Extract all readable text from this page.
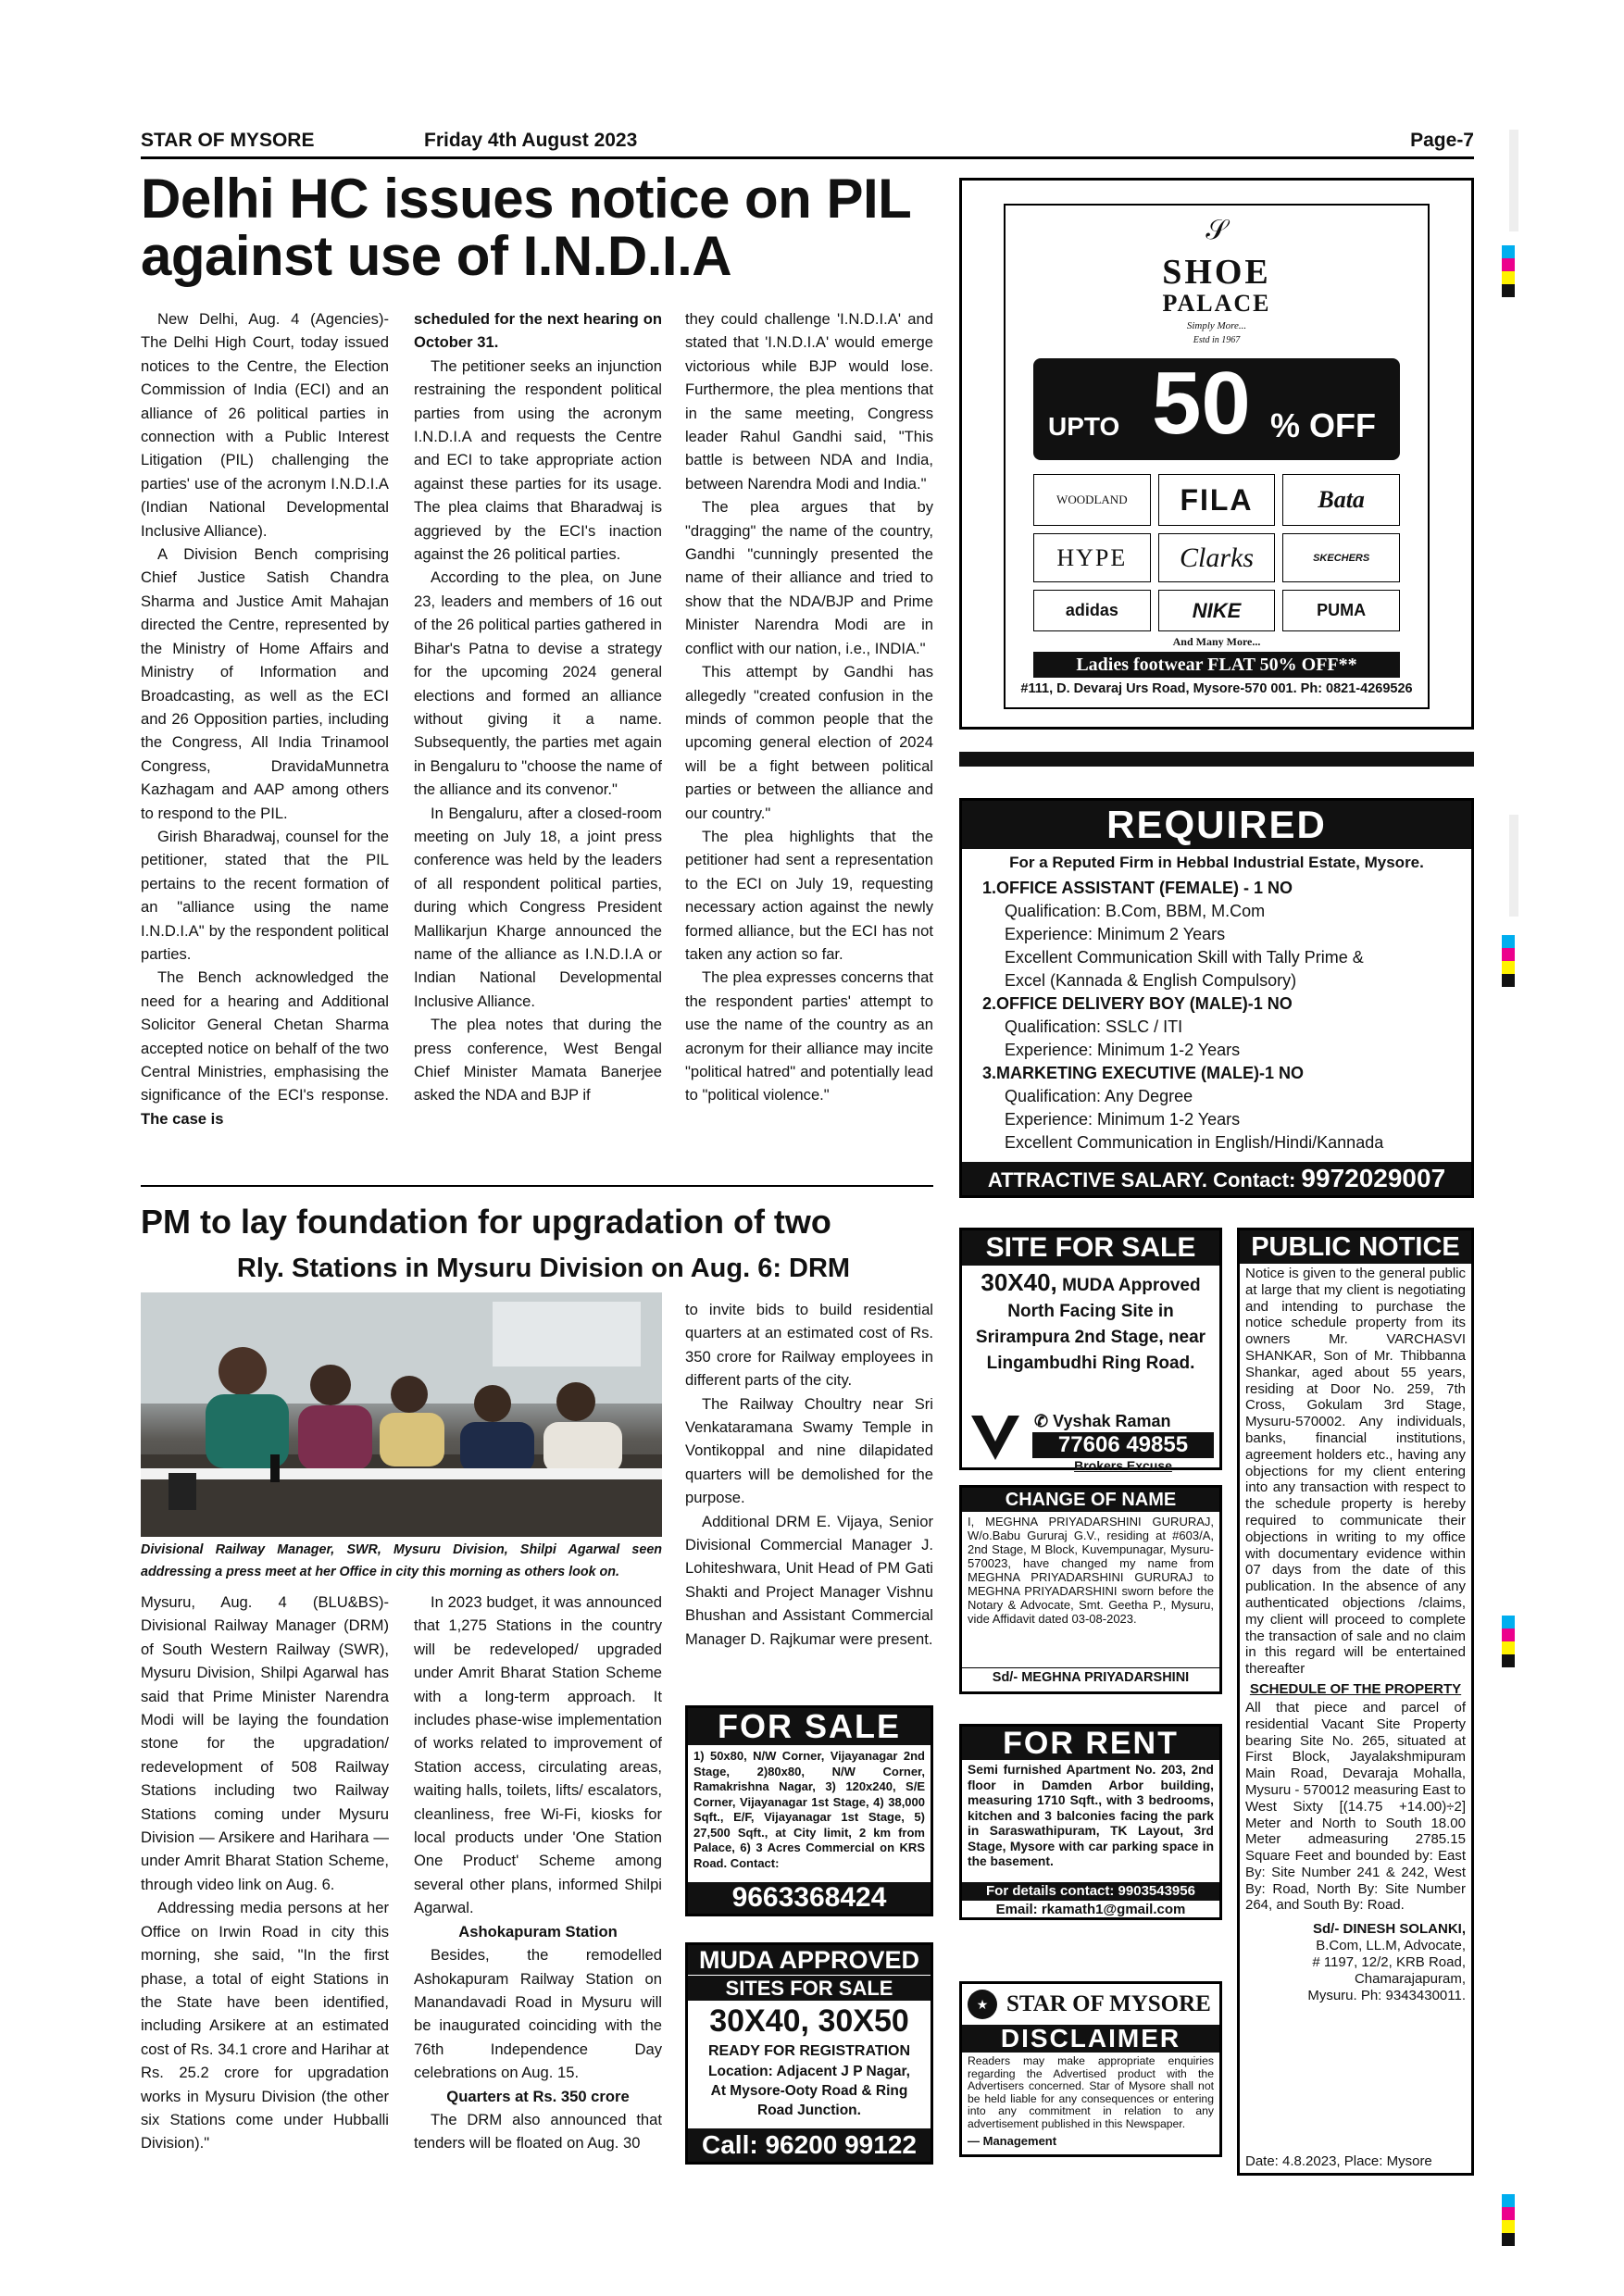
STAR OF MYSORE	Friday 4th August 2023	Page-7
Delhi HC issues notice on PIL against use of I.N.D.I.A

New Delhi, Aug. 4 (Agencies)- The Delhi High Court, today issued notices to the Centre, the Election Commission of India (ECI) and an alliance of 26 political parties in connection with a Public Interest Litigation (PIL) challenging the parties' use of the acronym I.N.D.I.A (Indian National Developmental Inclusive Alliance).

A Division Bench comprising Chief Justice Satish Chandra Sharma and Justice Amit Mahajan directed the Centre, represented by the Ministry of Home Affairs and Ministry of Information and Broadcasting, as well as the ECI and 26 Opposition parties, including the Congress, All India Trinamool Congress, DravidaMunnetra Kazhagam and AAP among others to respond to the PIL.

Girish Bharadwaj, counsel for the petitioner, stated that the PIL pertains to the recent formation of an "alliance using the name I.N.D.I.A" by the respondent political parties.

The Bench acknowledged the need for a hearing and Additional Solicitor General Chetan Sharma accepted notice on behalf of the two Central Ministries, emphasising the significance of the ECI's response. The case is

scheduled for the next hearing on October 31.

The petitioner seeks an injunction restraining the respondent political parties from using the acronym I.N.D.I.A and requests the Centre and ECI to take appropriate action against these parties for its usage. The plea claims that Bharadwaj is aggrieved by the ECI's inaction against the 26 political parties.

According to the plea, on June 23, leaders and members of 16 out of the 26 political parties gathered in Bihar's Patna to devise a strategy for the upcoming 2024 general elections and formed an alliance without giving it a name. Subsequently, the parties met again in Bengaluru to "choose the name of the alliance and its convenor."

In Bengaluru, after a closed-room meeting on July 18, a joint press conference was held by the leaders of all respondent political parties, during which Congress President Mallikarjun Kharge announced the name of the alliance as I.N.D.I.A or Indian National Developmental Inclusive Alliance.

The plea notes that during the press conference, West Bengal Chief Minister Mamata Banerjee asked the NDA and BJP if

they could challenge 'I.N.D.I.A' and stated that 'I.N.D.I.A' would emerge victorious while BJP would lose. Furthermore, the plea mentions that in the same meeting, Congress leader Rahul Gandhi said, "This battle is between NDA and India, between Narendra Modi and India."

The plea argues that by "dragging" the name of the country, Gandhi "cunningly presented the name of their alliance and tried to show that the NDA/BJP and Prime Minister Narendra Modi are in conflict with our nation, i.e., INDIA."

This attempt by Gandhi has allegedly "created confusion in the minds of common people that the upcoming general election of 2024 will be a fight between political parties or between the alliance and our country."

The plea highlights that the petitioner had sent a representation to the ECI on July 19, requesting necessary action against the newly formed alliance, but the ECI has not taken any action so far.

The plea expresses concerns that the respondent parties' attempt to use the name of the country as an acronym for their alliance may incite "political hatred" and potentially lead to "political violence."

PM to lay foundation for upgradation of two
Rly. Stations in Mysuru Division on Aug. 6: DRM
Divisional Railway Manager, SWR, Mysuru Division, Shilpi Agarwal seen addressing a press meet at her Office in city this morning as others look on.

Mysuru, Aug. 4 (BLU&BS)- Divisional Railway Manager (DRM) of South Western Railway (SWR), Mysuru Division, Shilpi Agarwal has said that Prime Minister Narendra Modi will be laying the foundation stone for the upgradation/ redevelopment of 508 Railway Stations including two Railway Stations coming under Mysuru Division — Arsikere and Harihara — under Amrit Bharat Station Scheme, through video link on Aug. 6.

Addressing media persons at her Office on Irwin Road in city this morning, she said, "In the first phase, a total of eight Stations in the State have been identified, including Arsikere at an estimated cost of Rs. 34.1 crore and Harihar at Rs. 25.2 crore for upgradation works in Mysuru Division (the other six Stations come under Hubballi Division)."

In 2023 budget, it was announced that 1,275 Stations in the country will be redeveloped/ upgraded under Amrit Bharat Station Scheme with a long-term approach. It includes phase-wise implementation of works related to improvement of Station access, circulating areas, waiting halls, toilets, lifts/ escalators, cleanliness, free Wi-Fi, kiosks for local products under 'One Station One Product' Scheme among several other plans, informed Shilpi Agarwal.

Ashokapuram Station

Besides, the remodelled Ashokapuram Railway Station on Manandavadi Road in Mysuru will be inaugurated coinciding with the 76th Independence Day celebrations on Aug. 15.

Quarters at Rs. 350 crore

The DRM also announced that tenders will be floated on Aug. 30

to invite bids to build residential quarters at an estimated cost of Rs. 350 crore for Railway employees in different parts of the city.

The Railway Choultry near Sri Venkataramana Swamy Temple in Vontikoppal and nine dilapidated quarters will be demolished for the purpose.

Additional DRM E. Vijaya, Senior Divisional Commercial Manager J. Lohiteshwara, Unit Head of PM Gati Shakti and Project Manager Vishnu Bhushan and Assistant Commercial Manager D. Rajkumar were present.

𝒮
SHOE
PALACE
Simply More...
Estd in 1967
UPTO 50 % OFF
WOODLAND	FILA	Bata
HYPE	Clarks	SKECHERS
adidas	NIKE	PUMA
And Many More...
Ladies footwear FLAT 50% OFF**
#111, D. Devaraj Urs Road, Mysore-570 001. Ph: 0821-4269526
REQUIRED
For a Reputed Firm in Hebbal Industrial Estate, Mysore.
1.OFFICE ASSISTANT (FEMALE) - 1 NO
Qualification: B.Com, BBM, M.Com
Experience: Minimum 2 Years
Excellent Communication Skill with Tally Prime &
Excel (Kannada & English Compulsory)
2.OFFICE DELIVERY BOY (MALE)-1 NO
Qualification: SSLC / ITI
Experience: Minimum 1-2 Years
3.MARKETING EXECUTIVE (MALE)-1 NO
Qualification: Any Degree
Experience: Minimum 1-2 Years
Excellent Communication in English/Hindi/Kannada
ATTRACTIVE SALARY. Contact: 9972029007
SITE FOR SALE
30X40, MUDA Approved North Facing Site in Srirampura 2nd Stage, near Lingambudhi Ring Road.
✆ Vyshak Raman
77606 49855
Brokers Excuse
CHANGE OF NAME
I, MEGHNA PRIYADARSHINI GURURAJ, W/o.Babu Gururaj G.V., residing at #603/A, 2nd Stage, M Block, Kuvempunagar, Mysuru-570023, have changed my name from MEGHNA PRIYADARSHINI GURURAJ to MEGHNA PRIYADARSHINI sworn before the Notary & Advocate, Smt. Geetha P., Mysuru, vide Affidavit dated 03-08-2023.
Sd/- MEGHNA PRIYADARSHINI
PUBLIC NOTICE
Notice is given to the general public at large that my client is negotiating and intending to purchase the notice schedule property from its owners Mr. VARCHASVI SHANKAR, Son of Mr. Thibbanna Shankar, aged about 55 years, residing at Door No. 259, 7th Cross, Gokulam 3rd Stage, Mysuru-570002. Any individuals, banks, financial institutions, agreement holders etc., having any objections for my client entering into any transaction with respect to the schedule property is hereby required to communicate their objections in writing to my office with documentary evidence within 07 days from the date of this publication. In the absence of any authenticated objections /claims, my client will proceed to complete the transaction of sale and no claim in this regard will be entertained thereafter
SCHEDULE OF THE PROPERTY
All that piece and parcel of residential Vacant Site Property bearing Site No. 265, situated at First Block, Jayalakshmipuram Main Road, Devaraja Mohalla, Mysuru - 570012 measuring East to West Sixty [(14.75 +14.00)÷2] Meter and North to South 18.00 Meter admeasuring 2785.15 Square Feet and bounded by: East By: Site Number 241 & 242, West By: Road, North By: Site Number 264, and South By: Road.
Sd/- DINESH SOLANKI,
B.Com, LL.M, Advocate,
# 1197, 12/2, KRB Road,
Chamarajapuram,
Mysuru. Ph: 9343430011.
Date: 4.8.2023, Place: Mysore
FOR SALE
1) 50x80, N/W Corner, Vijayanagar 2nd Stage, 2)80x80, N/W Corner, Ramakrishna Nagar, 3) 120x240, S/E Corner, Vijayanagar 1st Stage, 4) 38,000 Sqft., E/F, Vijayanagar 1st Stage, 5) 27,500 Sqft., at City limit, 2 km from Palace, 6) 3 Acres Commercial on KRS Road. Contact:
9663368424
FOR RENT
Semi furnished Apartment No. 203, 2nd floor in Damden Arbor building, measuring 1710 Sqft., with 3 bedrooms, kitchen and 3 balconies facing the park in Saraswathipuram, TK Layout, 3rd Stage, Mysore with car parking space in the basement.
For details contact: 9903543956
Email: rkamath1@gmail.com
MUDA APPROVED
SITES FOR SALE
30X40, 30X50
READY FOR REGISTRATION
Location: Adjacent J P Nagar, At Mysore-Ooty Road & Ring Road Junction.
Call: 96200 99122
★ STAR OF MYSORE
DISCLAIMER
Readers may make appropriate enquiries regarding the Advertised product with the Advertisers concerned. Star of Mysore shall not be held liable for any consequences or entering into any commitment in relation to any advertisement published in this Newspaper.
— Management
